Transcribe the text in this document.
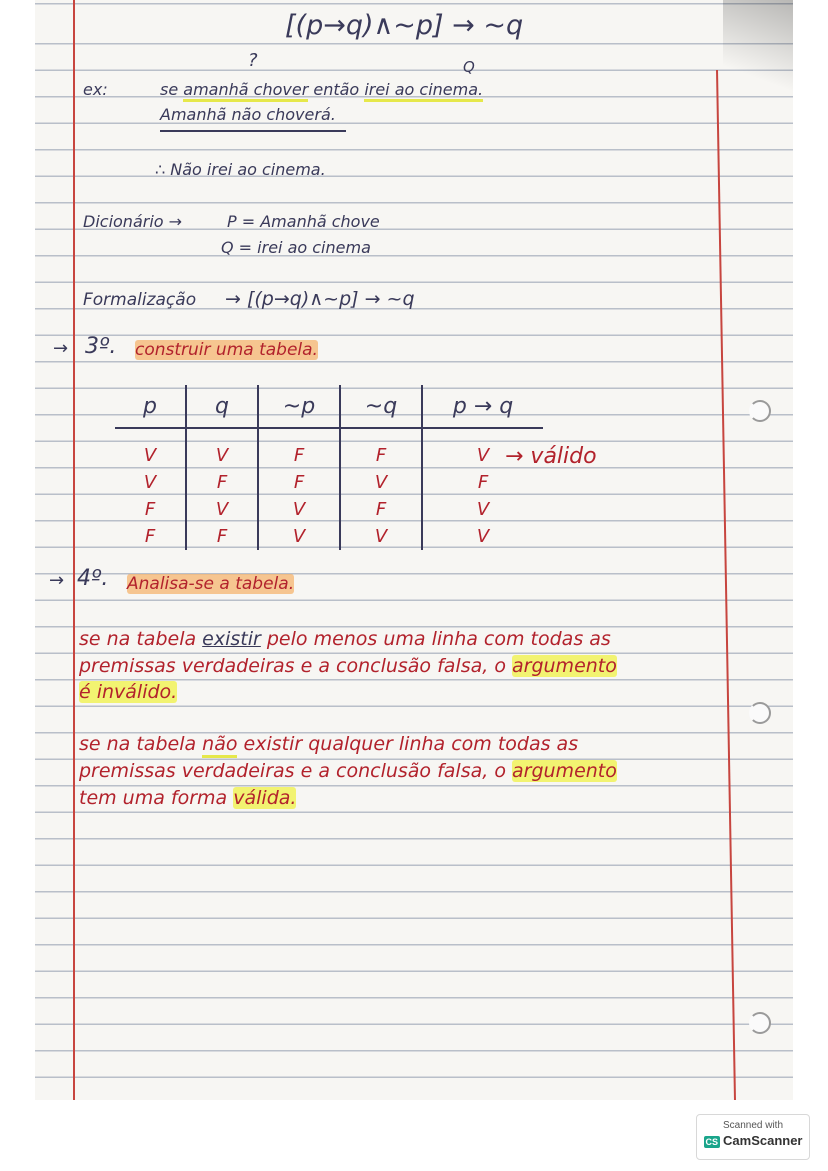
[(p→q)∧~p] → ~q
?	Q
ex:	se amanhã chover então irei ao cinema.
Amanhã não choverá.
∴ Não irei ao cinema.
Dicionário →	P = Amanhã chove
Q = irei ao cinema
Formalização → [(p→q)∧~p] → ~q
→ 3º. construir uma tabela.
p	q	~p	~q	p → q
V	V	F	F	V
V	F	F	V	F
F	V	V	F	V
F	F	V	V	V
→ válido
→ 4º. Analisa-se a tabela.
se na tabela existir pelo menos uma linha com todas as
premissas verdadeiras e a conclusão falsa, o argumento
é inválido.
se na tabela não existir qualquer linha com todas as
premissas verdadeiras e a conclusão falsa, o argumento
tem uma forma válida.
Scanned with
CS CamScanner
